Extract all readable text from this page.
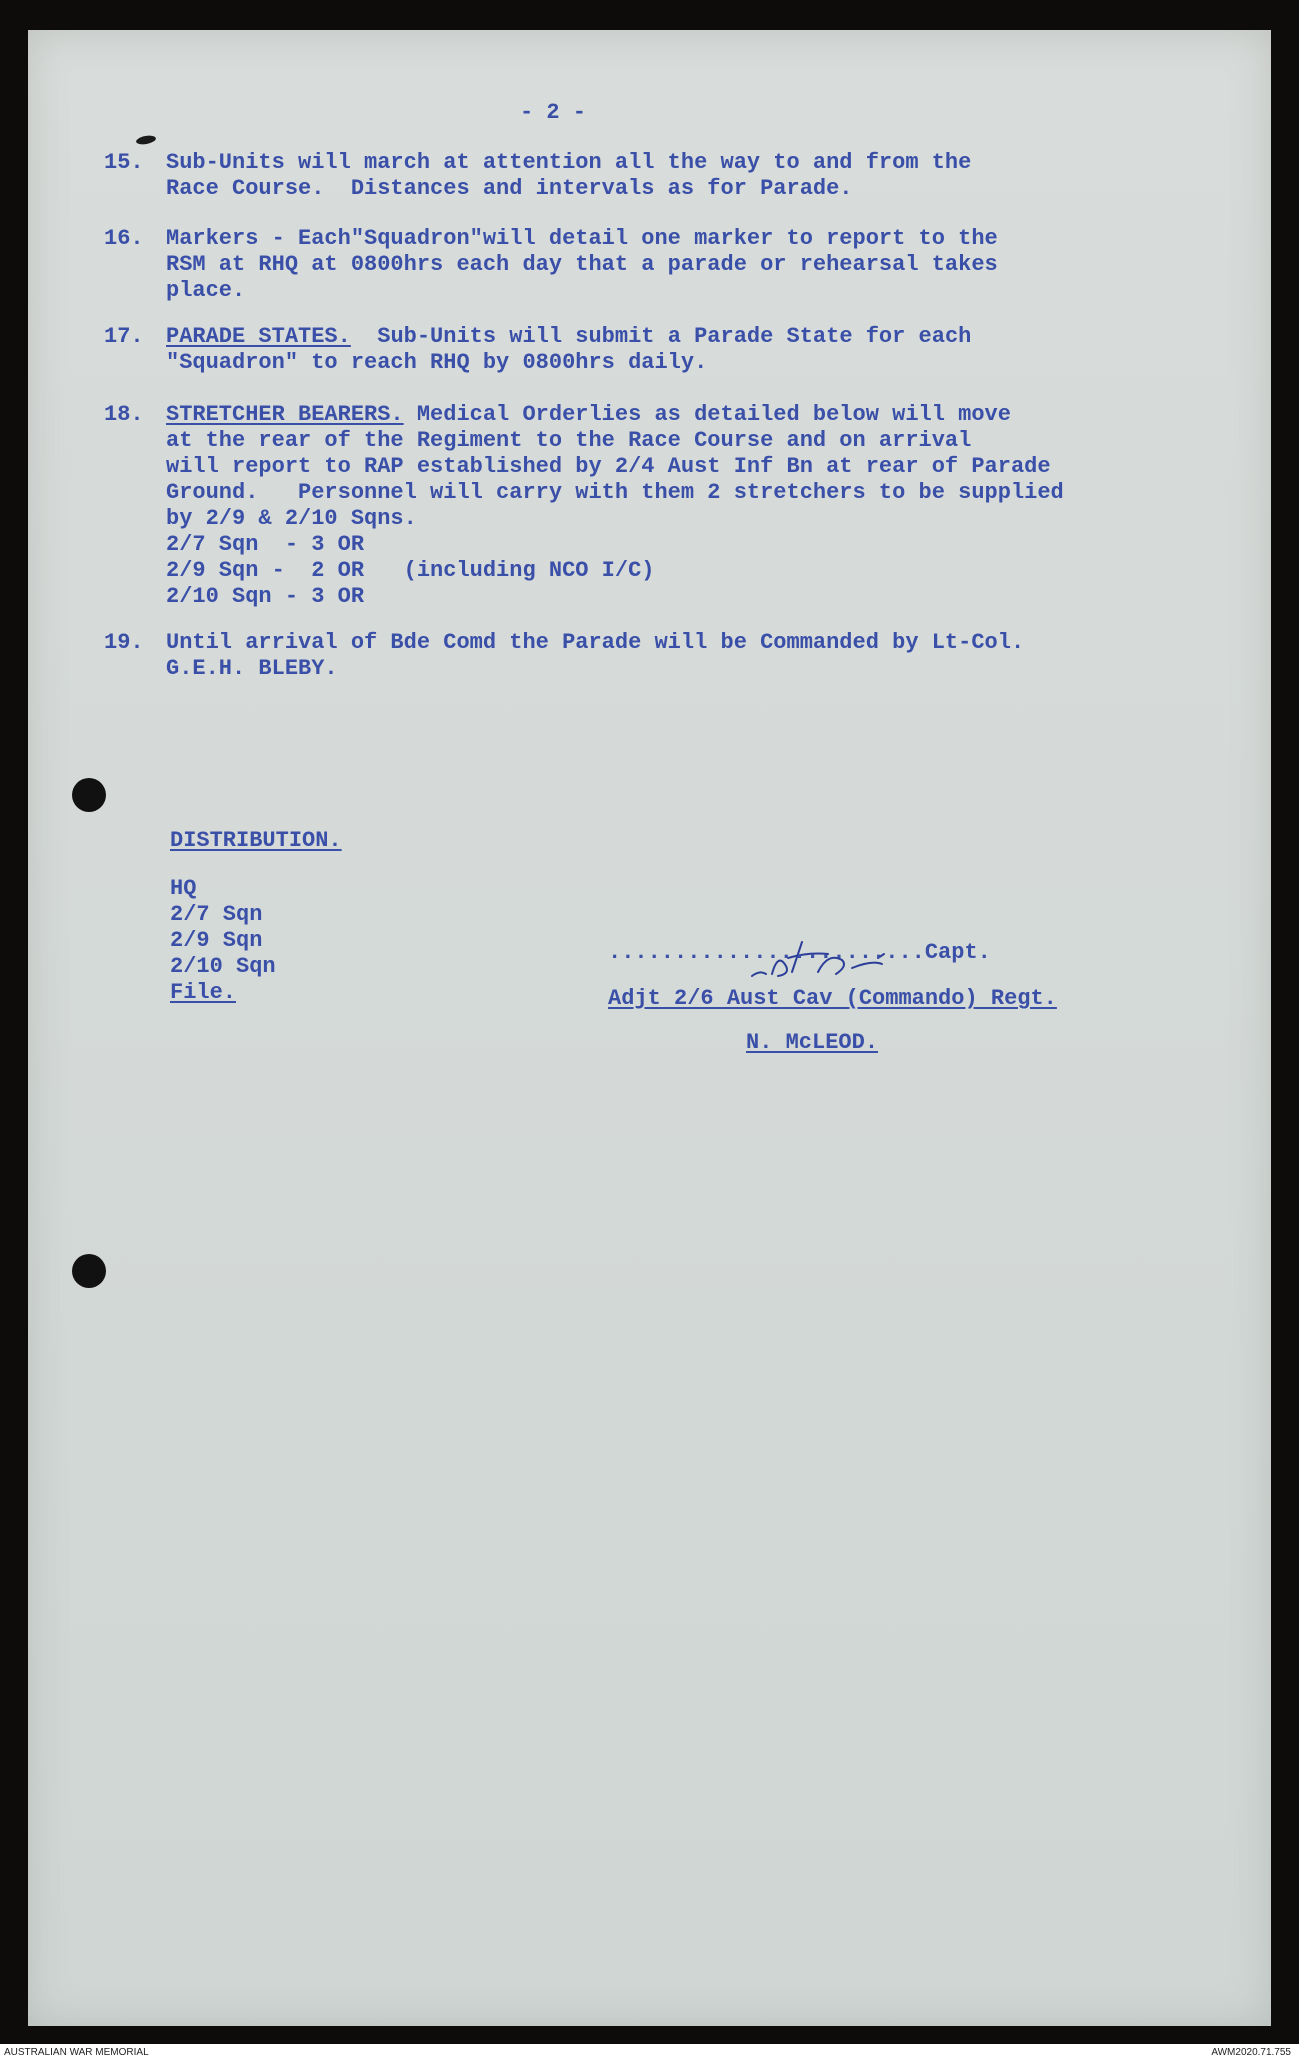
- 2 -
15. Sub-Units will march at attention all the way to and from the
Race Course.  Distances and intervals as for Parade.
16. Markers - Each"Squadron"will detail one marker to report to the
RSM at RHQ at 0800hrs each day that a parade or rehearsal takes
place.
17. PARADE STATES.  Sub-Units will submit a Parade State for each
"Squadron" to reach RHQ by 0800hrs daily.
18. STRETCHER BEARERS. Medical Orderlies as detailed below will move
at the rear of the Regiment to the Race Course and on arrival
will report to RAP established by 2/4 Aust Inf Bn at rear of Parade
Ground.   Personnel will carry with them 2 stretchers to be supplied
by 2/9 & 2/10 Sqns.
2/7 Sqn  - 3 OR
2/9 Sqn -  2 OR   (including NCO I/C)
2/10 Sqn - 3 OR
19. Until arrival of Bde Comd the Parade will be Commanded by Lt-Col.
G.E.H. BLEBY.
DISTRIBUTION.
HQ
2/7 Sqn
2/9 Sqn
2/10 Sqn
File.
........................Capt.
Adjt 2/6 Aust Cav (Commando) Regt.
N. McLEOD.
AUSTRALIAN WAR MEMORIAL	AWM2020.71.755
